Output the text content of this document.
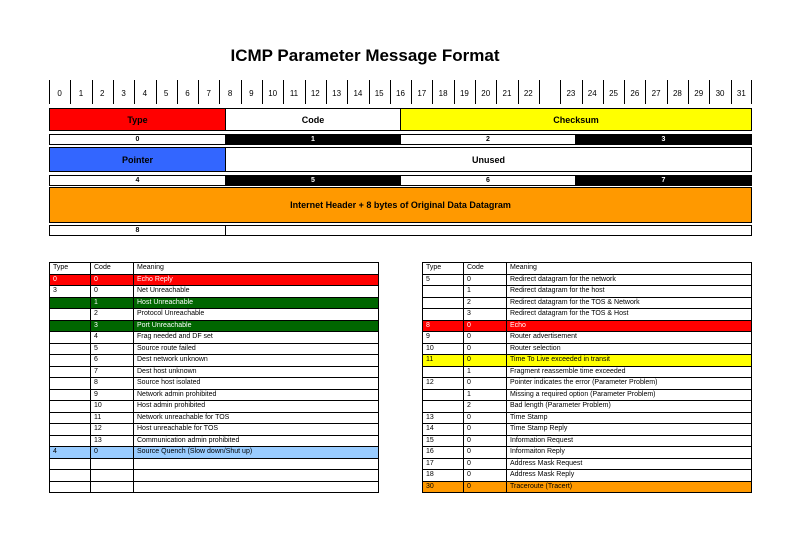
ICMP Parameter Message Format
0	1	2	3	4	5	6	7	8	9	10	11	12	13	14	15	16	17	18	19	20	21	22	23	24	25	26	27	28	29	30	31
Type	Code	Checksum
0	1	2	3
Pointer	Unused
4	5	6	7
Internet Header + 8 bytes of Original Data Datagram
8
Type	Code	Meaning
0	0	Echo Reply
3	0	Net Unreachable
	1	Host Unreachable
	2	Protocol Unreachable
	3	Port Unreachable
	4	Frag needed and DF set
	5	Source route failed
	6	Dest network unknown
	7	Dest host unknown
	8	Source host isolated
	9	Network admin prohibited
	10	Host admin prohibited
	11	Network unreachable for TOS
	12	Host unreachable for TOS
	13	Communication admin prohibited
4	0	Source Quench (Slow down/Shut up)

Type	Code	Meaning
5	0	Redirect datagram for the network
	1	Redirect datagram for the host
	2	Redirect datagram for the TOS & Network
	3	Redirect datagram for the TOS & Host
8	0	Echo
9	0	Router advertisement
10	0	Router selection
11	0	Time To Live exceeded in transit
	1	Fragment reassemble time exceeded
12	0	Pointer indicates the error (Parameter Problem)
	1	Missing a required option (Parameter Problem)
	2	Bad length (Parameter Problem)
13	0	Time Stamp
14	0	Time Stamp Reply
15	0	Information Request
16	0	Informaiton Reply
17	0	Address Mask Request
18	0	Address Mask Reply
30	0	Traceroute (Tracert)
